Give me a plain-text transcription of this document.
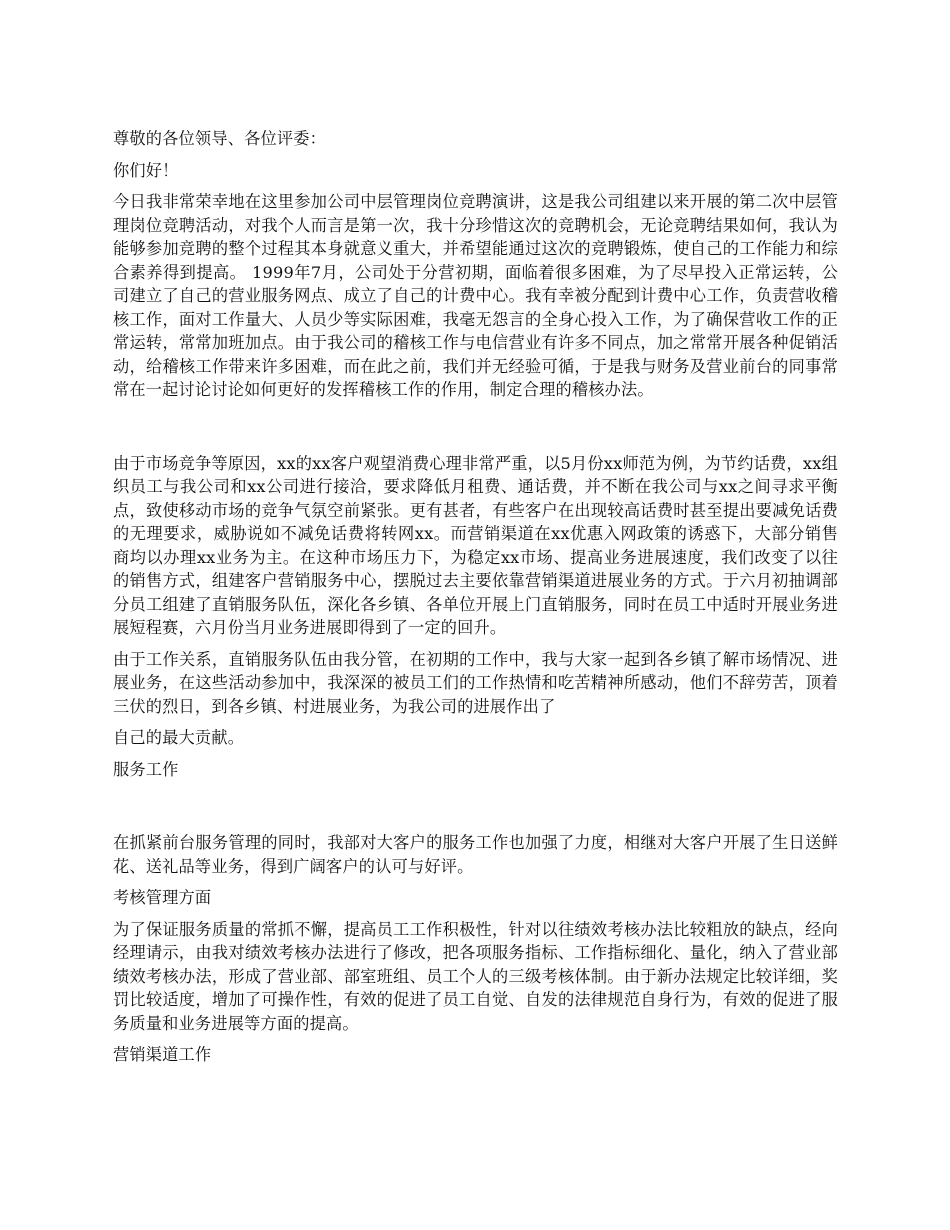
尊敬的各位领导、各位评委：

你们好！

今日我非常荣幸地在这里参加公司中层管理岗位竞聘演讲，这是我公司组建以来开展的第二次中层管理岗位竞聘活动，对我个人而言是第一次，我十分珍惜这次的竞聘机会，无论竞聘结果如何，我认为能够参加竞聘的整个过程其本身就意义重大，并希望能通过这次的竞聘锻炼，使自己的工作能力和综合素养得到提高。 1999年7月，公司处于分营初期，面临着很多困难，为了尽早投入正常运转，公司建立了自己的营业服务网点、成立了自己的计费中心。我有幸被分配到计费中心工作，负责营收稽核工作，面对工作量大、人员少等实际困难，我毫无怨言的全身心投入工作，为了确保营收工作的正常运转，常常加班加点。由于我公司的稽核工作与电信营业有许多不同点，加之常常开展各种促销活动，给稽核工作带来许多困难，而在此之前，我们并无经验可循，于是我与财务及营业前台的同事常常在一起讨论讨论如何更好的发挥稽核工作的作用，制定合理的稽核办法。

由于市场竞争等原因，xx的xx客户观望消费心理非常严重，以5月份xx师范为例，为节约话费，xx组织员工与我公司和xx公司进行接洽，要求降低月租费、通话费，并不断在我公司与xx之间寻求平衡点，致使移动市场的竞争气氛空前紧张。更有甚者，有些客户在出现较高话费时甚至提出要减免话费的无理要求，威胁说如不减免话费将转网xx。而营销渠道在xx优惠入网政策的诱惑下，大部分销售商均以办理xx业务为主。在这种市场压力下，为稳定xx市场、提高业务进展速度，我们改变了以往的销售方式，组建客户营销服务中心，摆脱过去主要依靠营销渠道进展业务的方式。于六月初抽调部分员工组建了直销服务队伍，深化各乡镇、各单位开展上门直销服务，同时在员工中适时开展业务进展短程赛，六月份当月业务进展即得到了一定的回升。

由于工作关系，直销服务队伍由我分管，在初期的工作中，我与大家一起到各乡镇了解市场情况、进展业务，在这些活动参加中，我深深的被员工们的工作热情和吃苦精神所感动，他们不辞劳苦，顶着三伏的烈日，到各乡镇、村进展业务，为我公司的进展作出了

自己的最大贡献。

服务工作

在抓紧前台服务管理的同时，我部对大客户的服务工作也加强了力度，相继对大客户开展了生日送鲜花、送礼品等业务，得到广阔客户的认可与好评。

考核管理方面

为了保证服务质量的常抓不懈，提高员工工作积极性，针对以往绩效考核办法比较粗放的缺点，经向经理请示，由我对绩效考核办法进行了修改，把各项服务指标、工作指标细化、量化，纳入了营业部绩效考核办法，形成了营业部、部室班组、员工个人的三级考核体制。由于新办法规定比较详细，奖罚比较适度，增加了可操作性，有效的促进了员工自觉、自发的法律规范自身行为，有效的促进了服务质量和业务进展等方面的提高。

营销渠道工作
